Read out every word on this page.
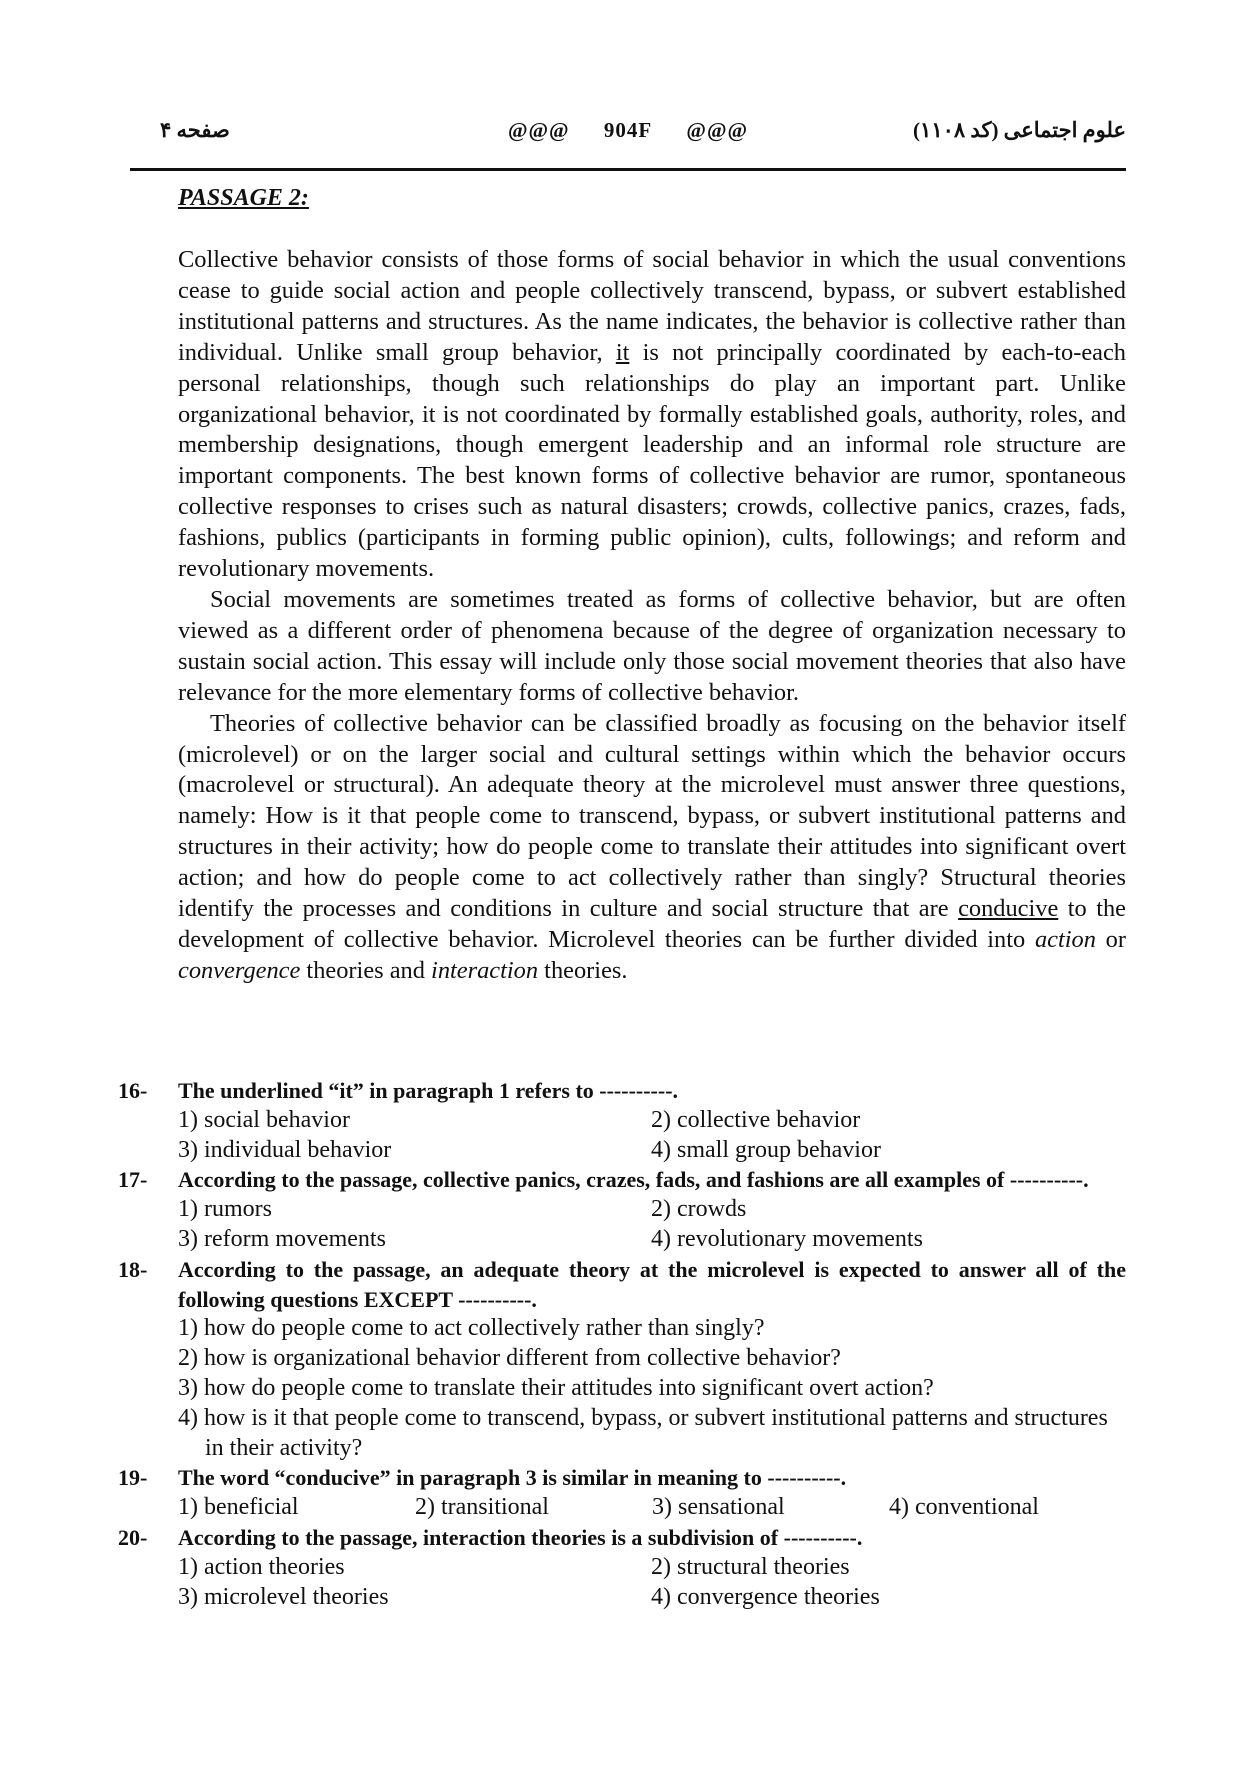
صفحه ۴	@@@ 904F @@@	علوم اجتماعی (کد ۱۱۰۸)
PASSAGE 2:

Collective behavior consists of those forms of social behavior in which the usual conventions cease to guide social action and people collectively transcend, bypass, or subvert established institutional patterns and structures. As the name indicates, the behavior is collective rather than individual. Unlike small group behavior, it is not principally coordinated by each-to-each personal relationships, though such relationships do play an important part. Unlike organizational behavior, it is not coordinated by formally established goals, authority, roles, and membership designations, though emergent leadership and an informal role structure are important components. The best known forms of collective behavior are rumor, spontaneous collective responses to crises such as natural disasters; crowds, collective panics, crazes, fads, fashions, publics (participants in forming public opinion), cults, followings; and reform and revolutionary movements.

Social movements are sometimes treated as forms of collective behavior, but are often viewed as a different order of phenomena because of the degree of organization necessary to sustain social action. This essay will include only those social movement theories that also have relevance for the more elementary forms of collective behavior.

Theories of collective behavior can be classified broadly as focusing on the behavior itself (microlevel) or on the larger social and cultural settings within which the behavior occurs (macrolevel or structural). An adequate theory at the microlevel must answer three questions, namely: How is it that people come to transcend, bypass, or subvert institutional patterns and structures in their activity; how do people come to translate their attitudes into significant overt action; and how do people come to act collectively rather than singly? Structural theories identify the processes and conditions in culture and social structure that are conducive to the development of collective behavior. Microlevel theories can be further divided into action or convergence theories and interaction theories.

16- The underlined “it” in paragraph 1 refers to ----------.
1) social behavior	2) collective behavior
3) individual behavior	4) small group behavior
17- According to the passage, collective panics, crazes, fads, and fashions are all examples of ----------.
1) rumors	2) crowds
3) reform movements	4) revolutionary movements
18- According to the passage, an adequate theory at the microlevel is expected to answer all of the following questions EXCEPT ----------.
1) how do people come to act collectively rather than singly?
2) how is organizational behavior different from collective behavior?
3) how do people come to translate their attitudes into significant overt action?
4) how is it that people come to transcend, bypass, or subvert institutional patterns and structures in their activity?
19- The word “conducive” in paragraph 3 is similar in meaning to ----------.
1) beneficial	2) transitional	3) sensational	4) conventional
20- According to the passage, interaction theories is a subdivision of ----------.
1) action theories	2) structural theories
3) microlevel theories	4) convergence theories
